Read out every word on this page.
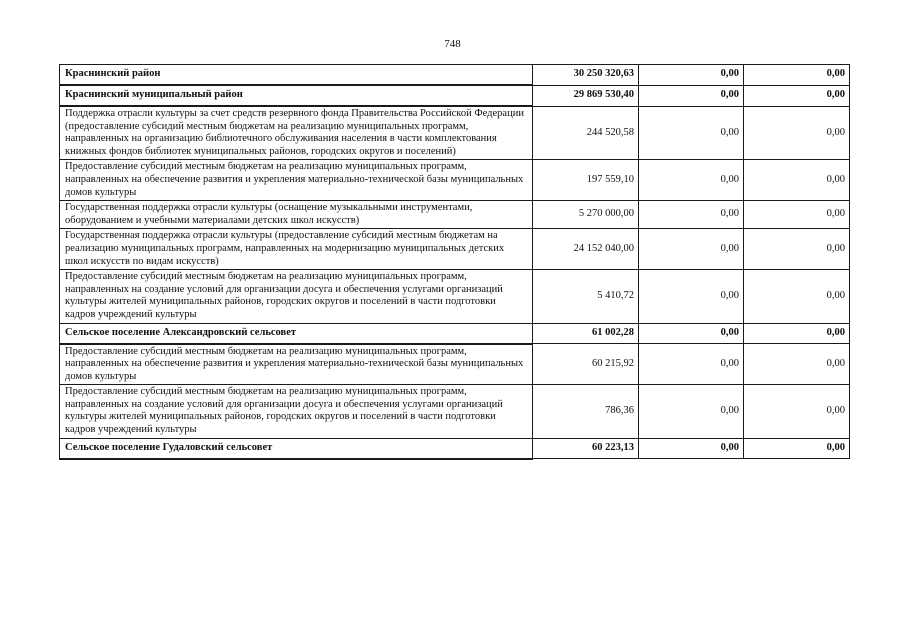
748
Краснинский район	30 250 320,63	0,00	0,00
Краснинский муниципальный район	29 869 530,40	0,00	0,00
Поддержка отрасли культуры за счет средств резервного фонда Правительства Российской Федерации (предоставление субсидий местным бюджетам на реализацию муниципальных программ, направленных на организацию библиотечного обслуживания населения в части комплектования книжных фондов библиотек муниципальных районов, городских округов и поселений)	244 520,58	0,00	0,00
Предоставление субсидий местным бюджетам на реализацию муниципальных программ, направленных на обеспечение развития и укрепления материально-технической базы муниципальных домов культуры	197 559,10	0,00	0,00
Государственная поддержка отрасли культуры (оснащение музыкальными инструментами, оборудованием и учебными материалами детских школ искусств)	5 270 000,00	0,00	0,00
Государственная поддержка отрасли культуры (предоставление субсидий местным бюджетам на реализацию муниципальных программ, направленных на модернизацию муниципальных детских школ искусств по видам искусств)	24 152 040,00	0,00	0,00
Предоставление субсидий местным бюджетам на реализацию муниципальных программ, направленных на создание условий для организации досуга и обеспечения услугами организаций культуры жителей муниципальных районов, городских округов и поселений в части подготовки кадров учреждений культуры	5 410,72	0,00	0,00
Сельское поселение Александровский сельсовет	61 002,28	0,00	0,00
Предоставление субсидий местным бюджетам на реализацию муниципальных программ, направленных на обеспечение развития и укрепления материально-технической базы муниципальных домов культуры	60 215,92	0,00	0,00
Предоставление субсидий местным бюджетам на реализацию муниципальных программ, направленных на создание условий для организации досуга и обеспечения услугами организаций культуры жителей муниципальных районов, городских округов и поселений в части подготовки кадров учреждений культуры	786,36	0,00	0,00
Сельское поселение Гудаловский сельсовет	60 223,13	0,00	0,00
